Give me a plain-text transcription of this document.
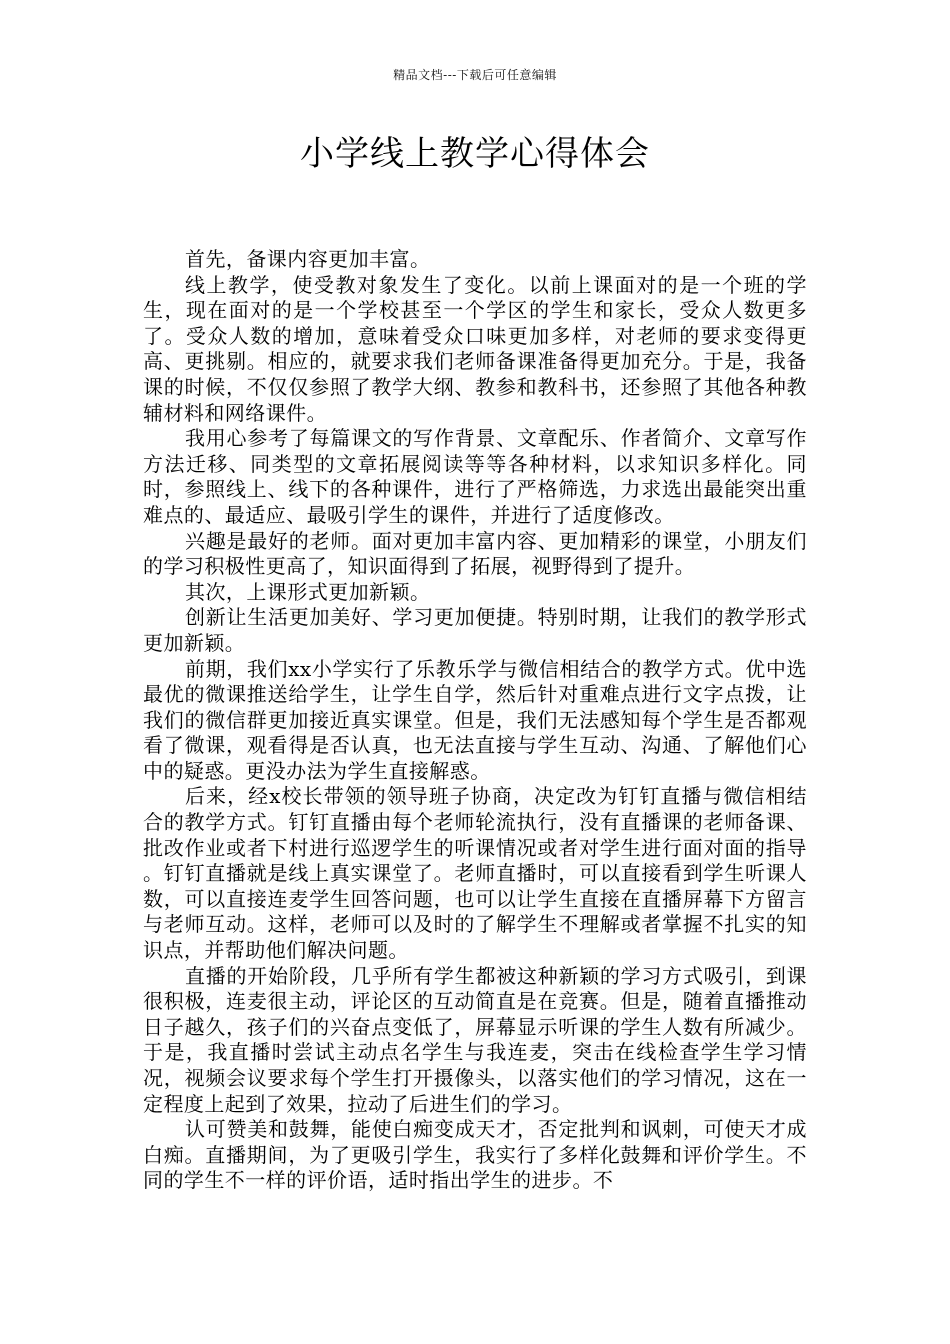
精品文档---下载后可任意编辑
小学线上教学心得体会

首先，备课内容更加丰富。

线上教学，使受教对象发生了变化。以前上课面对的是一个班的学生，现在面对的是一个学校甚至一个学区的学生和家长，受众人数更多了。受众人数的增加，意味着受众口味更加多样，对老师的要求变得更高、更挑剔。相应的，就要求我们老师备课准备得更加充分。于是，我备课的时候，不仅仅参照了教学大纲、教参和教科书，还参照了其他各种教辅材料和网络课件。

我用心参考了每篇课文的写作背景、文章配乐、作者简介、文章写作方法迁移、同类型的文章拓展阅读等等各种材料，以求知识多样化。同时，参照线上、线下的各种课件，进行了严格筛选，力求选出最能突出重难点的、最适应、最吸引学生的课件，并进行了适度修改。

兴趣是最好的老师。面对更加丰富内容、更加精彩的课堂，小朋友们的学习积极性更高了，知识面得到了拓展，视野得到了提升。

其次，上课形式更加新颖。

创新让生活更加美好、学习更加便捷。特别时期，让我们的教学形式更加新颖。

前期，我们xx小学实行了乐教乐学与微信相结合的教学方式。优中选最优的微课推送给学生，让学生自学，然后针对重难点进行文字点拨，让我们的微信群更加接近真实课堂。但是，我们无法感知每个学生是否都观看了微课，观看得是否认真，也无法直接与学生互动、沟通、了解他们心中的疑惑。更没办法为学生直接解惑。

后来，经x校长带领的领导班子协商，决定改为钉钉直播与微信相结合的教学方式。钉钉直播由每个老师轮流执行，没有直播课的老师备课、批改作业或者下村进行巡逻学生的听课情况或者对学生进行面对面的指导 。钉钉直播就是线上真实课堂了。老师直播时，可以直接看到学生听课人数，可以直接连麦学生回答问题，也可以让学生直接在直播屏幕下方留言与老师互动。这样，老师可以及时的了解学生不理解或者掌握不扎实的知识点，并帮助他们解决问题。

直播的开始阶段，几乎所有学生都被这种新颖的学习方式吸引，到课很积极，连麦很主动，评论区的互动简直是在竞赛。但是，随着直播推动日子越久，孩子们的兴奋点变低了，屏幕显示听课的学生人数有所减少。于是，我直播时尝试主动点名学生与我连麦，突击在线检查学生学习情况，视频会议要求每个学生打开摄像头，以落实他们的学习情况，这在一定程度上起到了效果，拉动了后进生们的学习。

认可赞美和鼓舞，能使白痴变成天才，否定批判和讽刺，可使天才成白痴。直播期间，为了更吸引学生，我实行了多样化鼓舞和评价学生。不同的学生不一样的评价语，适时指出学生的进步。不
